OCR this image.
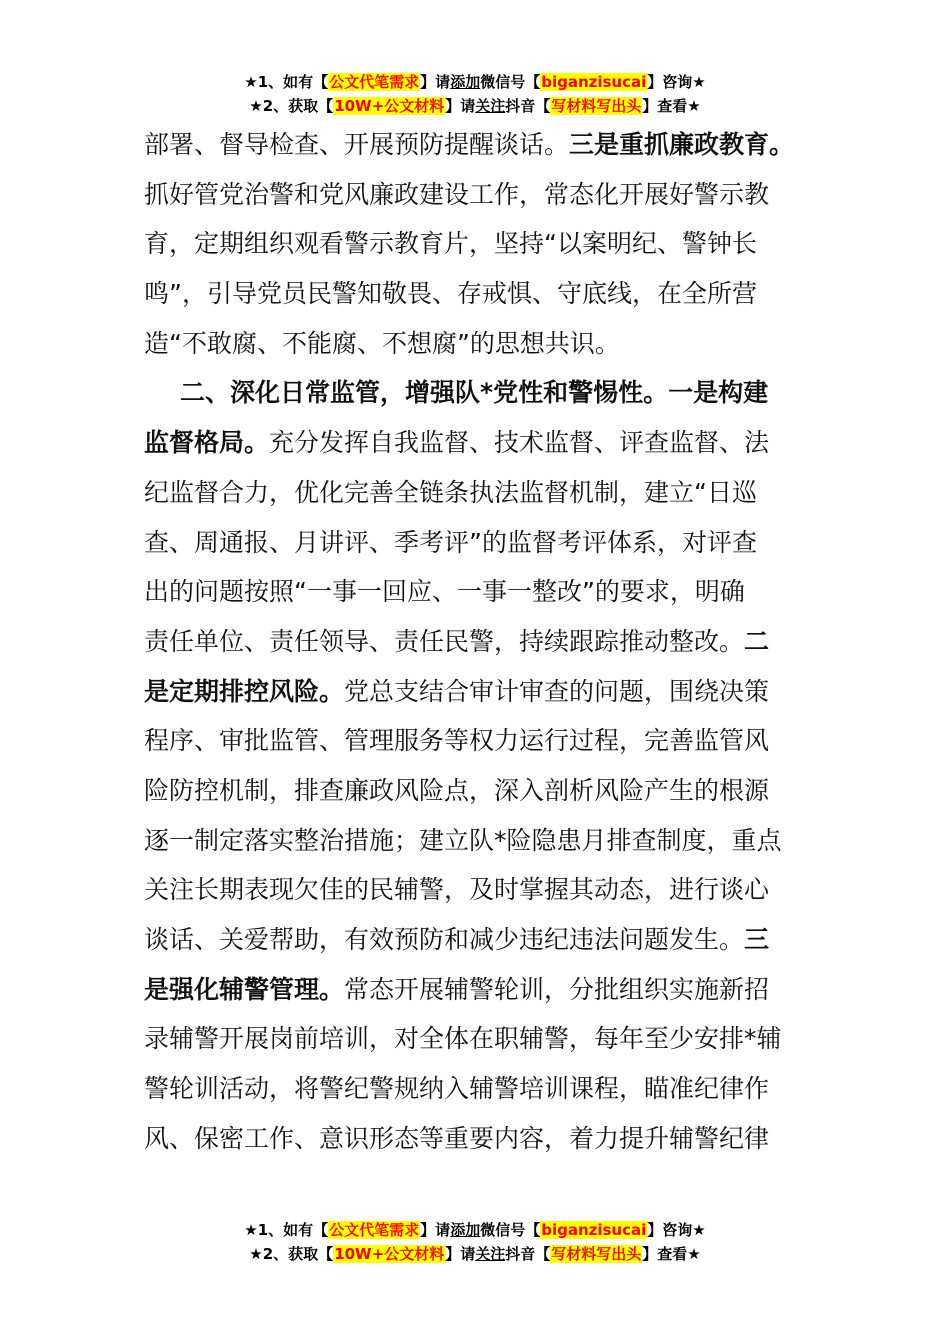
★1、如有【公文代笔需求】请添加微信号【biganzisucai】咨询★
★2、获取【10W+公文材料】请关注抖音【写材料写出头】查看★
部署、督导检查、开展预防提醒谈话。三是重抓廉政教育。
抓好管党治警和党风廉政建设工作，常态化开展好警示教
育，定期组织观看警示教育片，坚持“以案明纪、警钟长
鸣”，引导党员民警知敬畏、存戒惧、守底线，在全所营
造“不敢腐、不能腐、不想腐”的思想共识。
二、深化日常监管，增强队*党性和警惕性。一是构建
监督格局。充分发挥自我监督、技术监督、评查监督、法
纪监督合力，优化完善全链条执法监督机制，建立“日巡
查、周通报、月讲评、季考评”的监督考评体系，对评查
出的问题按照“一事一回应、一事一整改”的要求，明确
责任单位、责任领导、责任民警，持续跟踪推动整改。二
是定期排控风险。党总支结合审计审查的问题，围绕决策
程序、审批监管、管理服务等权力运行过程，完善监管风
险防控机制，排查廉政风险点，深入剖析风险产生的根源
逐一制定落实整治措施；建立队*险隐患月排查制度，重点
关注长期表现欠佳的民辅警，及时掌握其动态，进行谈心
谈话、关爱帮助，有效预防和减少违纪违法问题发生。三
是强化辅警管理。常态开展辅警轮训，分批组织实施新招
录辅警开展岗前培训，对全体在职辅警，每年至少安排*辅
警轮训活动，将警纪警规纳入辅警培训课程，瞄准纪律作
风、保密工作、意识形态等重要内容，着力提升辅警纪律
★1、如有【公文代笔需求】请添加微信号【biganzisucai】咨询★
★2、获取【10W+公文材料】请关注抖音【写材料写出头】查看★
